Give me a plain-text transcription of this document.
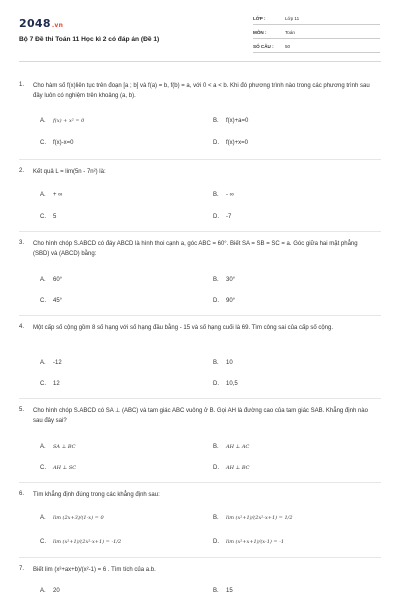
2048.vn
Bộ 7 Đề thi Toán 11 Học kì 2 có đáp án (Đề 1)
LỚP :	Lớp 11
MÔN :	Toán
SỐ CÂU : 50
1. Cho hàm số f(x)liên tục trên đoạn [a ; b] và f(a) = b, f(b) = a, với 0 < a < b. Khi đó phương trình nào trong các phương trình sau đây luôn có nghiệm trên khoảng (a, b).
A. f(x) + x² = 0	B. f(x)+a=0
C. f(x)-x=0	D. f(x)+x=0
2. Kết quả L = lim(5n - 7n²) là:
A. + ∞	B. - ∞
C. 5	D. -7
3. Cho hình chóp S.ABCD có đáy ABCD là hình thoi cạnh a, góc ABC = 60°. Biết SA = SB = SC = a. Góc giữa hai mặt phẳng (SBD) và (ABCD) bằng:
A. 60°	B. 30°
C. 45°	D. 90°
4. Một cấp số cộng gồm 8 số hạng với số hạng đầu bằng - 15 và số hạng cuối là 69. Tìm công sai của cấp số cộng.
A. -12	B. 10
C. 12	D. 10,5
5. Cho hình chóp S.ABCD có SA ⊥ (ABC) và tam giác ABC vuông ở B. Gọi AH là đường cao của tam giác SAB. Khẳng định nào sau đây sai?
A. SA ⊥ BC	B. AH ⊥ AC
C. AH ⊥ SC	D. AH ⊥ BC
6. Tìm khẳng định đúng trong các khẳng định sau:
A. lim (2x+3)/(1-x) = 0	B. lim (x²+1)/(2x²-x+1) = 1/2
C. lim (x²+1)/(2x²-x+1) = -1/2	D. lim (x²+x+1)/(x-1) = -1
7. Biết lim (x²+ax+b)/(x²-1) = 6 . Tìm tích của a.b.
A. 20	B. 15
